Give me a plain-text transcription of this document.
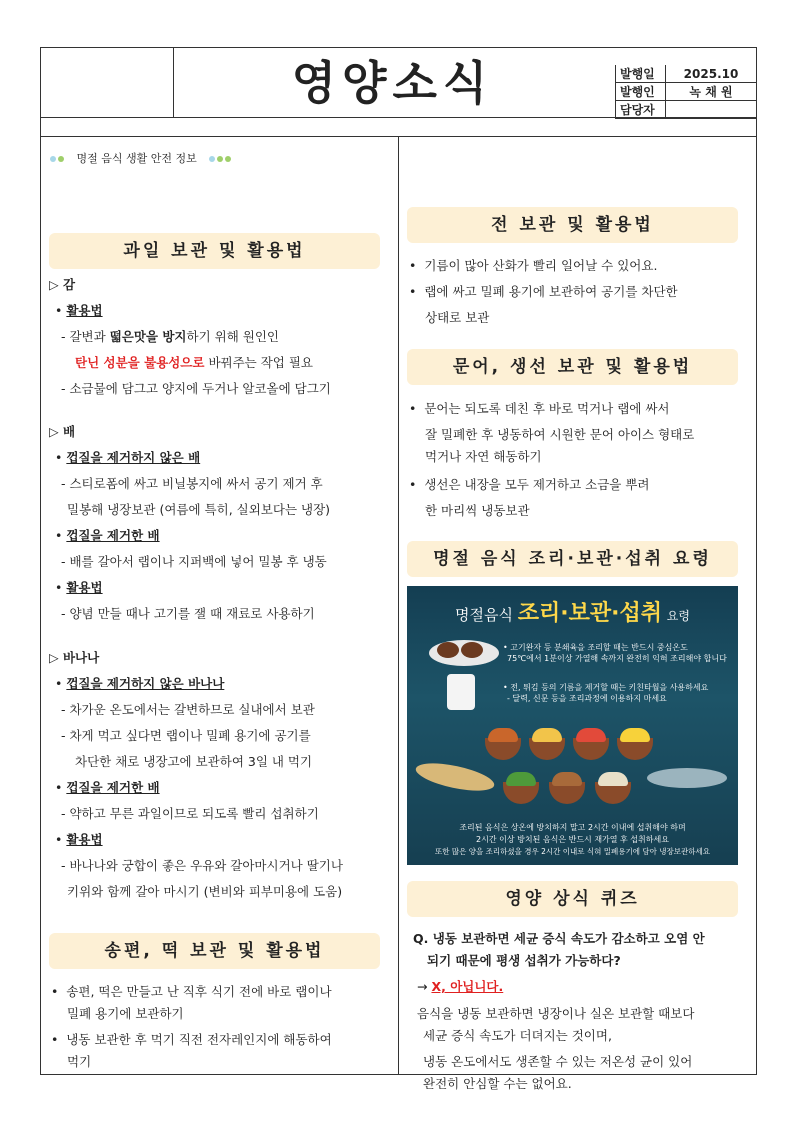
영양소식	발행일	2025.10
발행인	녹 채 원
담당자	
명절 음식 생활 안전 정보
과일 보관 및 활용법
▷ 감
• 활용법
- 갈변과 떫은맛을 방지하기 위해 원인인
탄닌 성분을 불용성으로 바꿔주는 작업 필요
- 소금물에 담그고 양지에 두거나 알코올에 담그기
▷ 배
• 껍질을 제거하지 않은 배
- 스티로폼에 싸고 비닐봉지에 싸서 공기 제거 후
밀봉해 냉장보관 (여름에 특히, 실외보다는 냉장)
• 껍질을 제거한 배
- 배를 갈아서 랩이나 지퍼백에 넣어 밀봉 후 냉동
• 활용법
- 양념 만들 때나 고기를 잴 때 재료로 사용하기
▷ 바나나
• 껍질을 제거하지 않은 바나나
- 차가운 온도에서는 갈변하므로 실내에서 보관
- 차게 먹고 싶다면 랩이나 밀폐 용기에 공기를
차단한 채로 냉장고에 보관하여 3일 내 먹기
• 껍질을 제거한 배
- 약하고 무른 과일이므로 되도록 빨리 섭취하기
• 활용법
- 바나나와 궁합이 좋은 우유와 갈아마시거나 딸기나
키위와 함께 갈아 마시기 (변비와 피부미용에 도움)
송편, 떡 보관 및 활용법
•  송편, 떡은 만들고 난 직후 식기 전에 바로 랩이나
밀폐 용기에 보관하기
•  냉동 보관한 후 먹기 직전 전자레인지에 해동하여
먹기
전 보관 및 활용법
•  기름이 많아 산화가 빨리 일어날 수 있어요.
•  랩에 싸고 밀폐 용기에 보관하여 공기를 차단한
상태로 보관
문어, 생선 보관 및 활용법
•  문어는 되도록 데친 후 바로 먹거나 랩에 싸서
잘 밀폐한 후 냉동하여 시원한 문어 아이스 형태로
먹거나 자연 해동하기
•  생선은 내장을 모두 제거하고 소금을 뿌려
한 마리씩 냉동보관
명절 음식 조리·보관·섭취 요령
명절음식 조리·보관·섭취 요령
• 고기완자 등 분쇄육을 조리할 때는 반드시 중심온도
75℃에서 1분이상 가열해 속까지 완전히 익혀 조리해야 합니다
• 전, 튀김 등의 기름을 제거할 때는 키친타월을 사용하세요
- 달력, 신문 등을 조리과정에 이용하지 마세요
조리된 음식은 상온에 방치하지 말고 2시간 이내에 섭취해야 하며
2시간 이상 방치된 음식은 반드시 재가열 후 섭취하세요
또한 많은 양을 조리하셨을 경우 2시간 이내로 식혀 밀폐용기에 담아 냉장보관하세요
영양 상식 퀴즈
Q. 냉동 보관하면 세균 증식 속도가 감소하고 오염 안
되기 때문에 평생 섭취가 가능하다?
→ X, 아닙니다.
음식을 냉동 보관하면 냉장이나 실온 보관할 때보다
세균 증식 속도가 더뎌지는 것이며,
냉동 온도에서도 생존할 수 있는 저온성 균이 있어
완전히 안심할 수는 없어요.
